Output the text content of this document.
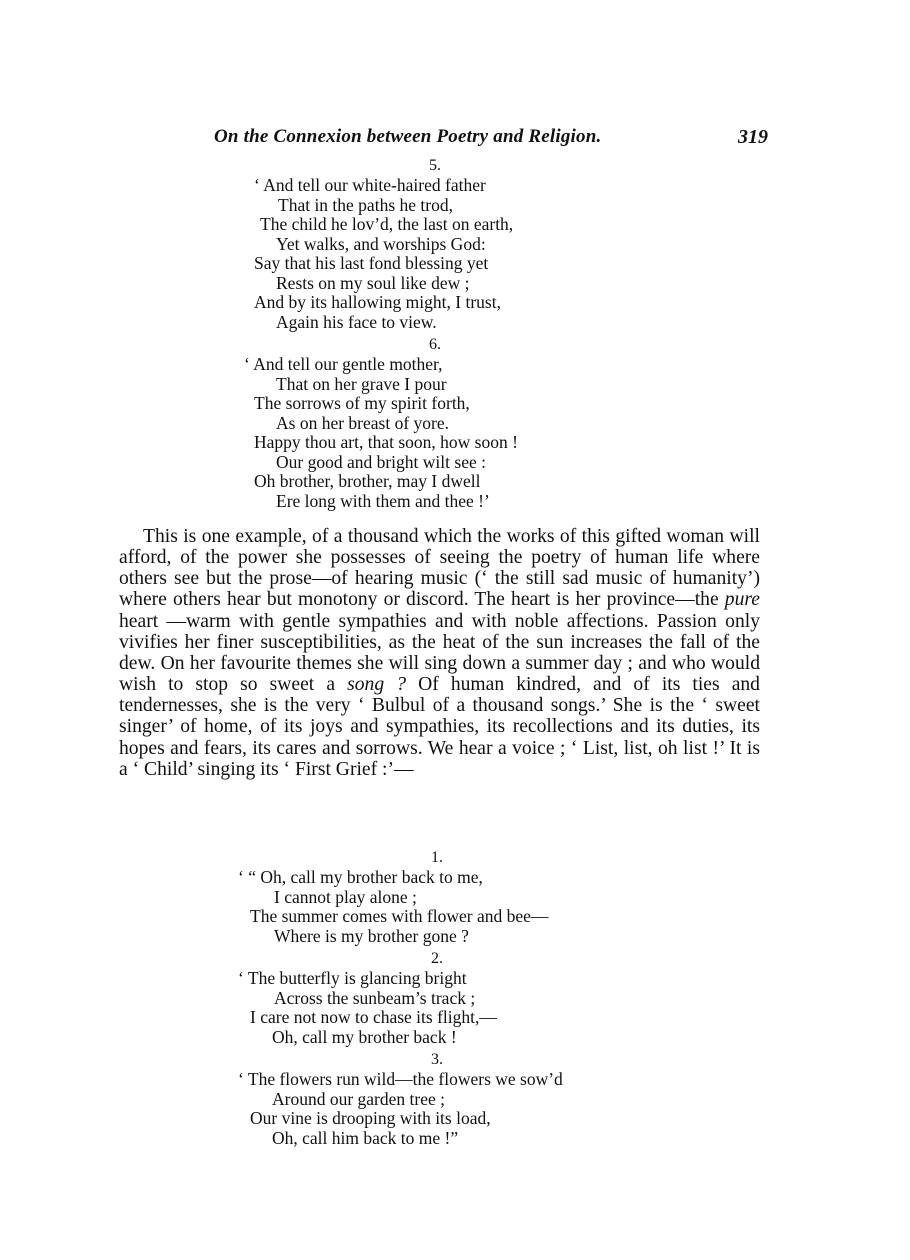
On the Connexion between Poetry and Religion.	319
5.
‘ And tell our white-haired father
That in the paths he trod,
The child he lov’d, the last on earth,
Yet walks, and worships God:
Say that his last fond blessing yet
Rests on my soul like dew ;
And by its hallowing might, I trust,
Again his face to view.
6.
‘ And tell our gentle mother,
That on her grave I pour
The sorrows of my spirit forth,
As on her breast of yore.
Happy thou art, that soon, how soon !
Our good and bright wilt see :
Oh brother, brother, may I dwell
Ere long with them and thee !’

This is one example, of a thousand which the works of this gifted woman will afford, of the power she possesses of seeing the poetry of human life where others see but the prose—of hearing music (‘ the still sad music of humanity’) where others hear but monotony or discord. The heart is her province—the pure heart —warm with gentle sympathies and with noble affections. Passion only vivifies her finer susceptibilities, as the heat of the sun increases the fall of the dew. On her favourite themes she will sing down a summer day ; and who would wish to stop so sweet a song ? Of human kindred, and of its ties and tendernesses, she is the very ‘ Bulbul of a thousand songs.’ She is the ‘ sweet singer’ of home, of its joys and sympathies, its recollections and its duties, its hopes and fears, its cares and sorrows. We hear a voice ; ‘ List, list, oh list !’ It is a ‘ Child’ singing its ‘ First Grief :’—

1.
‘ “ Oh, call my brother back to me,
I cannot play alone ;
The summer comes with flower and bee—
Where is my brother gone ?
2.
‘ The butterfly is glancing bright
Across the sunbeam’s track ;
I care not now to chase its flight,—
Oh, call my brother back !
3.
‘ The flowers run wild—the flowers we sow’d
Around our garden tree ;
Our vine is drooping with its load,
Oh, call him back to me !”
